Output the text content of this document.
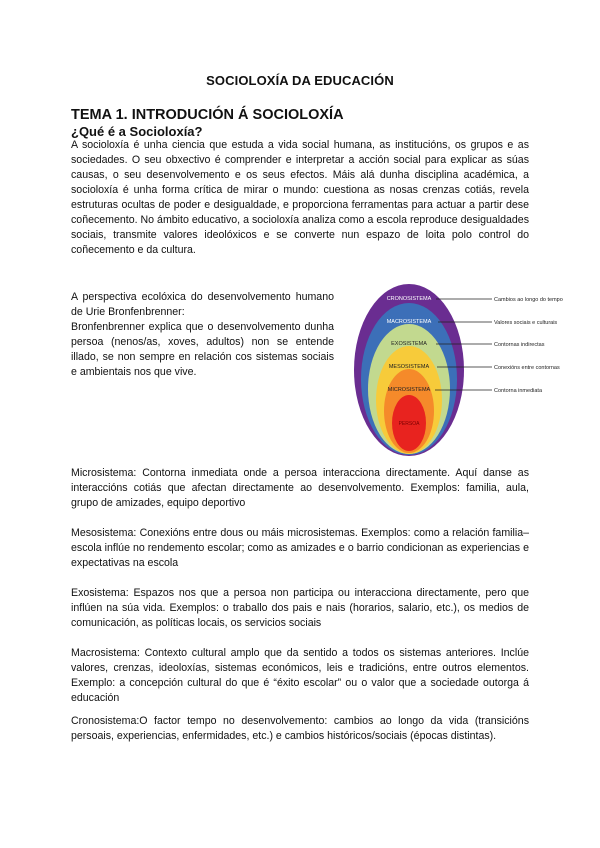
SOCIOLOXÍA DA EDUCACIÓN
TEMA 1. INTRODUCIÓN Á SOCIOLOXÍA
¿Qué é a Socioloxía?

A socioloxía é unha ciencia que estuda a vida social humana, as institucións, os grupos e as sociedades. O seu obxectivo é comprender e interpretar a acción social para explicar as súas causas, o seu desenvolvemento e os seus efectos. Máis alá dunha disciplina académica, a socioloxía é unha forma crítica de mirar o mundo: cuestiona as nosas crenzas cotiás, revela estruturas ocultas de poder e desigualdade, e proporciona ferramentas para actuar a partir dese coñecemento. No ámbito educativo, a socioloxía analiza como a escola reproduce desigualdades sociais, transmite valores ideolóxicos e se converte nun espazo de loita polo control do coñecemento e da cultura.

A perspectiva ecolóxica do desenvolvemento humano de Urie Bronfenbrenner:

Bronfenbrenner explica que o desenvolvemento dunha persoa (nenos/as, xoves, adultos) non se entende illado, se non sempre en relación cos sistemas sociais e ambientais nos que vive.

CRONOSISTEMA
MACROSISTEMA
EXOSISTEMA
MESOSISTEMA
MICROSISTEMA
PERSOA
Cambios ao longo do tempo
Valores sociais e culturais
Contornas indirectas
Conexións entre contornas
Contorna inmediata

Microsistema: Contorna inmediata onde a persoa interacciona directamente. Aquí danse as interaccións cotiás que afectan directamente ao desenvolvemento. Exemplos: familia, aula, grupo de amizades, equipo deportivo

Mesosistema: Conexións entre dous ou máis microsistemas. Exemplos: como a relación familia–escola inflúe no rendemento escolar; como as amizades e o barrio condicionan as experiencias e expectativas na escola

Exosistema: Espazos nos que a persoa non participa ou interacciona directamente, pero que inflúen na súa vida. Exemplos: o traballo dos pais e nais (horarios, salario, etc.), os medios de comunicación, as políticas locais, os servicios sociais

Macrosistema: Contexto cultural amplo que da sentido a todos os sistemas anteriores. Inclúe valores, crenzas, ideoloxías, sistemas económicos, leis e tradicións, entre outros elementos. Exemplo: a concepción cultural do que é “éxito escolar” ou o valor que a sociedade outorga á educación

Cronosistema:O factor tempo no desenvolvemento: cambios ao longo da vida (transicións persoais, experiencias, enfermidades, etc.) e cambios históricos/sociais (épocas distintas).
